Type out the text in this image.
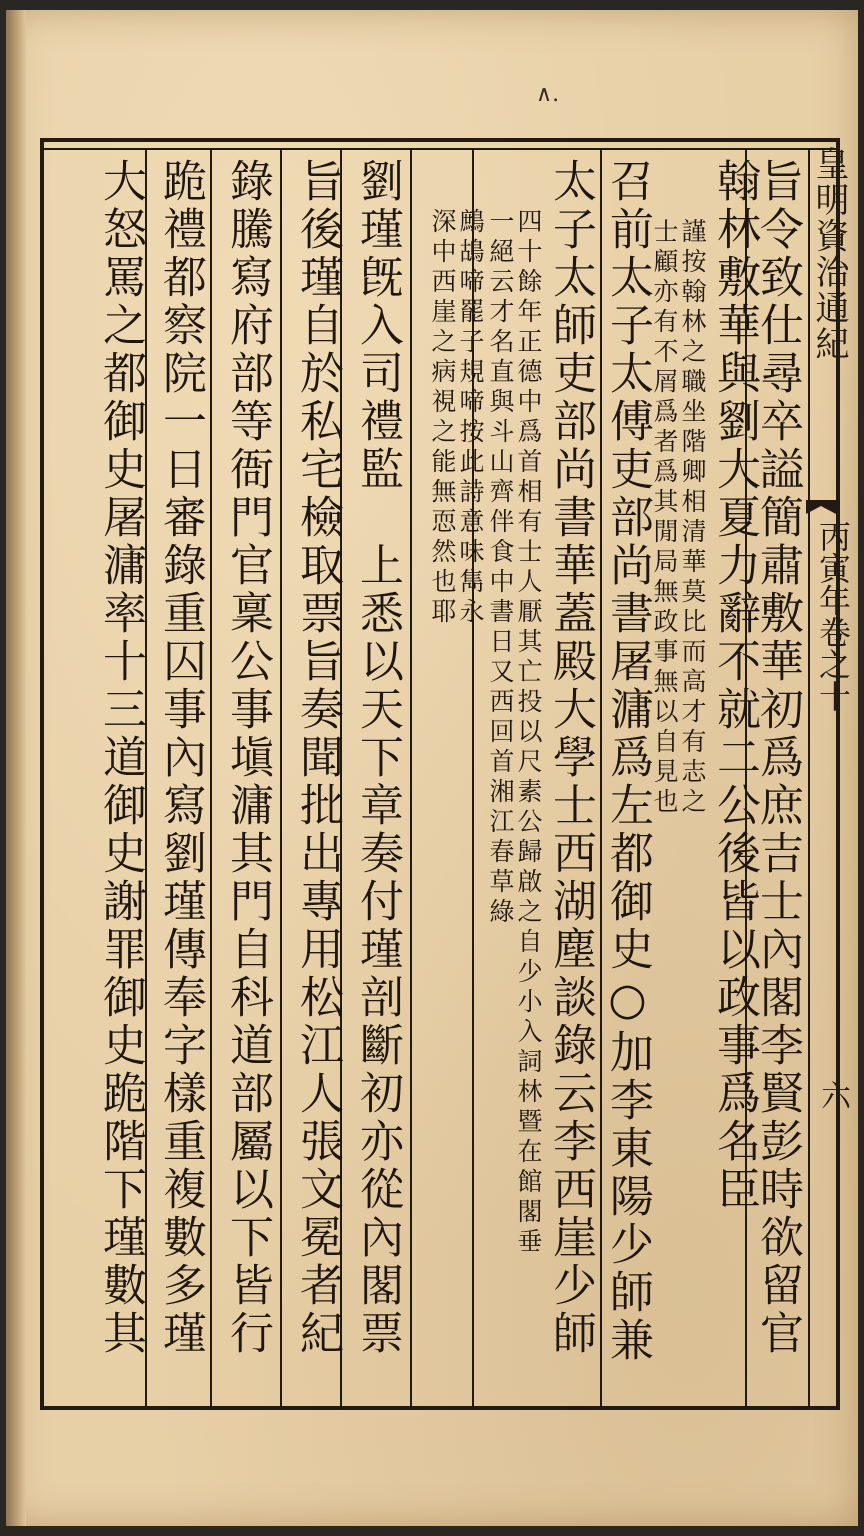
∧.
皇明資治通紀
丙寅年卷之十
六
旨令致仕尋卒謚簡肅敷華初爲庶吉士內閣李賢彭時欲留官
翰林敷華與劉大夏力辭不就二公後皆以政事爲名臣
謹按翰林之職坐階卿相清華莫比而高才有志之
士顧亦有不屑爲者爲其閒局無政事無以自見也
召前太子太傅吏部尚書屠滽爲左都御史○加李東陽少師兼
太子太師吏部尚書華蓋殿大學士西湖塵談錄云李西崖少師
四十餘年正德中爲首相有士人厭其亡投以尺素公歸啟之自少小入詞林暨在館閣垂
一絕云才名直與斗山齊伴食中書日又西回首湘江春草綠
鷓鴣啼罷子規啼按此詩意味雋永
深中西崖之病視之能無恧然也耶
劉瑾旣入司禮監　上悉以天下章奏付瑾剖斷初亦從內閣票
旨後瑾自於私宅檢取票旨奏聞批出專用松江人張文冕者紀
錄騰寫府部等衙門官稟公事塡滽其門自科道部屬以下皆行
跪禮都察院一日審錄重囚事內寫劉瑾傳奉字樣重複數多瑾
大怒罵之都御史屠滽率十三道御史謝罪御史跪階下瑾數其
